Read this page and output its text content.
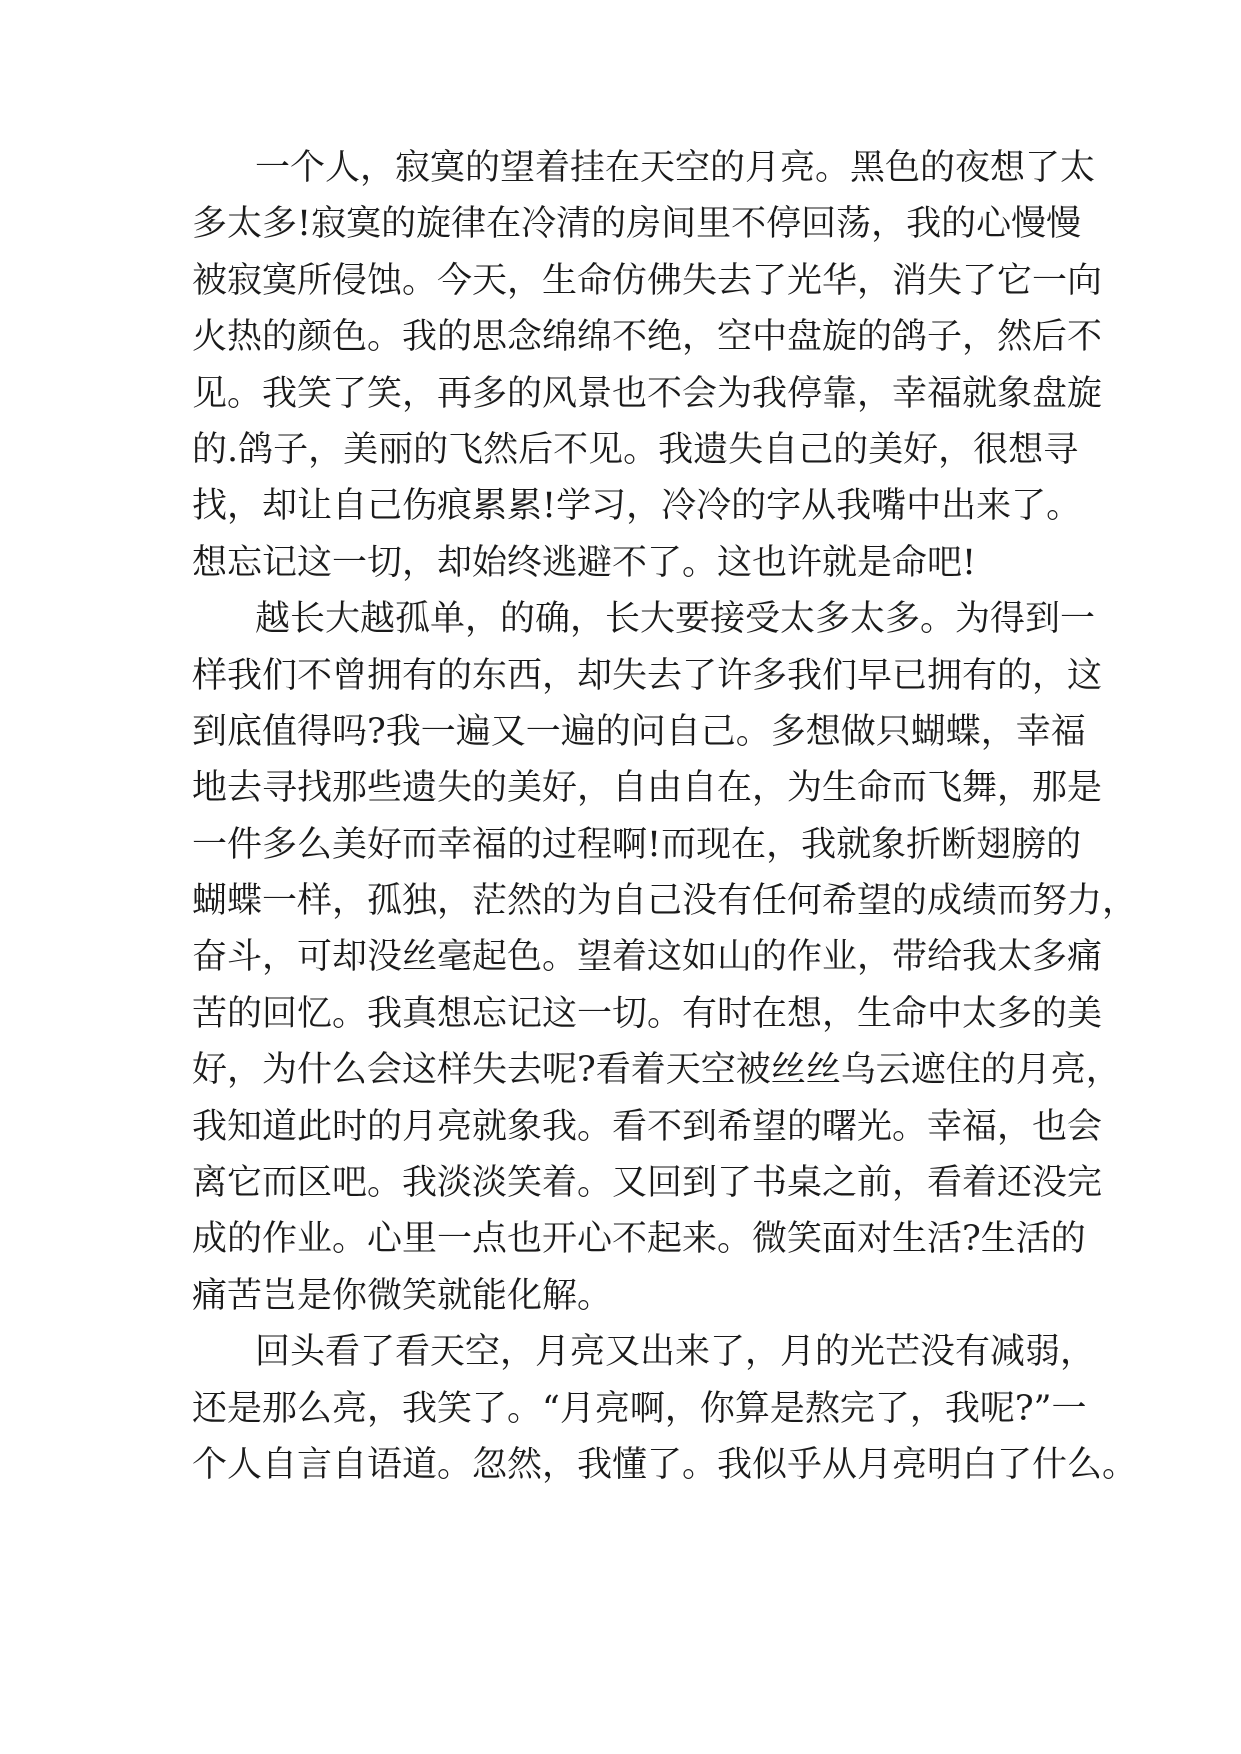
一个人，寂寞的望着挂在天空的月亮。黑色的夜想了太
多太多!寂寞的旋律在冷清的房间里不停回荡，我的心慢慢
被寂寞所侵蚀。今天，生命仿佛失去了光华，消失了它一向
火热的颜色。我的思念绵绵不绝，空中盘旋的鸽子，然后不
见。我笑了笑，再多的风景也不会为我停靠，幸福就象盘旋
的.鸽子，美丽的飞然后不见。我遗失自己的美好，很想寻
找，却让自己伤痕累累!学习，冷冷的字从我嘴中出来了。
想忘记这一切，却始终逃避不了。这也许就是命吧!
越长大越孤单，的确，长大要接受太多太多。为得到一
样我们不曾拥有的东西，却失去了许多我们早已拥有的，这
到底值得吗?我一遍又一遍的问自己。多想做只蝴蝶，幸福
地去寻找那些遗失的美好，自由自在，为生命而飞舞，那是
一件多么美好而幸福的过程啊!而现在，我就象折断翅膀的
蝴蝶一样，孤独，茫然的为自己没有任何希望的成绩而努力，
奋斗，可却没丝毫起色。望着这如山的作业，带给我太多痛
苦的回忆。我真想忘记这一切。有时在想，生命中太多的美
好，为什么会这样失去呢?看着天空被丝丝乌云遮住的月亮，
我知道此时的月亮就象我。看不到希望的曙光。幸福，也会
离它而区吧。我淡淡笑着。又回到了书桌之前，看着还没完
成的作业。心里一点也开心不起来。微笑面对生活?生活的
痛苦岂是你微笑就能化解。
回头看了看天空，月亮又出来了，月的光芒没有减弱，
还是那么亮，我笑了。“月亮啊，你算是熬完了，我呢?”一
个人自言自语道。忽然，我懂了。我似乎从月亮明白了什么。
